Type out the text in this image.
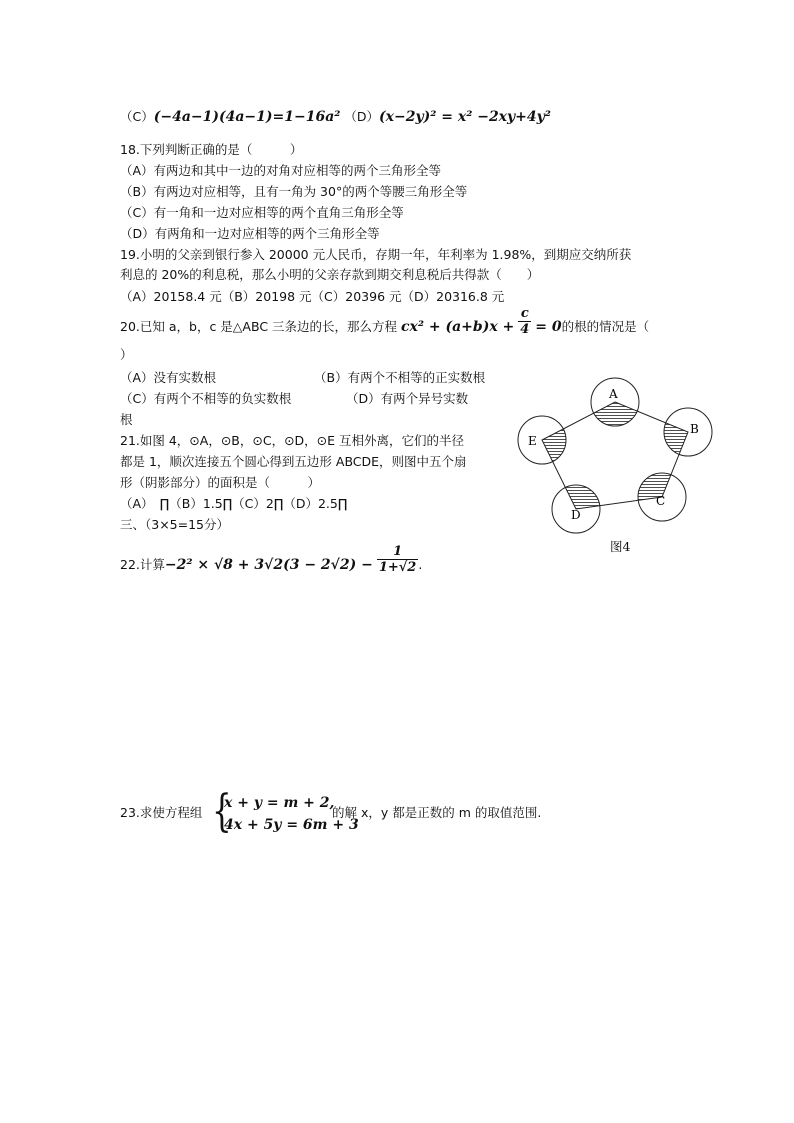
（C）(−4a−1)(4a−1)=1−16a² （D）(x−2y)² = x² −2xy+4y²
18.下列判断正确的是（　　　）
（A）有两边和其中一边的对角对应相等的两个三角形全等
（B）有两边对应相等，且有一角为 30°的两个等腰三角形全等
（C）有一角和一边对应相等的两个直角三角形全等
（D）有两角和一边对应相等的两个三角形全等
19.小明的父亲到银行参入 20000 元人民币，存期一年，年利率为 1.98%，到期应交纳所获
利息的 20%的利息税，那么小明的父亲存款到期交利息税后共得款（　　）
（A）20158.4 元（B）20198 元（C）20396 元（D）20316.8 元
20.已知 a，b，c 是△ABC 三条边的长，那么方程 $cx^2 + (a+b)x + \frac{c}{4} = 0$的根的情况是（
）
（A）没有实数根	（B）有两个不相等的正实数根
（C）有两个不相等的负实数根	（D）有两个异号实数
根
21.如图 4，⊙A，⊙B，⊙C，⊙D，⊙E 互相外离，它们的半径
都是 1，顺次连接五个圆心得到五边形 ABCDE，则图中五个扇
形（阴影部分）的面积是（　　　）
（A）　∏（B）1.5∏（C）2∏（D）2.5∏
三、（3×5=15分）
A
B
C
D
E
图4
22.计算$-2^2 \times √8 + 3√2(3 - 2√2) - \frac{1}{1+√2}$ .
23.求使方程组 {
x + y = m + 2,
4x + 5y = 6m + 3
的解 x，y 都是正数的 m 的取值范围.
